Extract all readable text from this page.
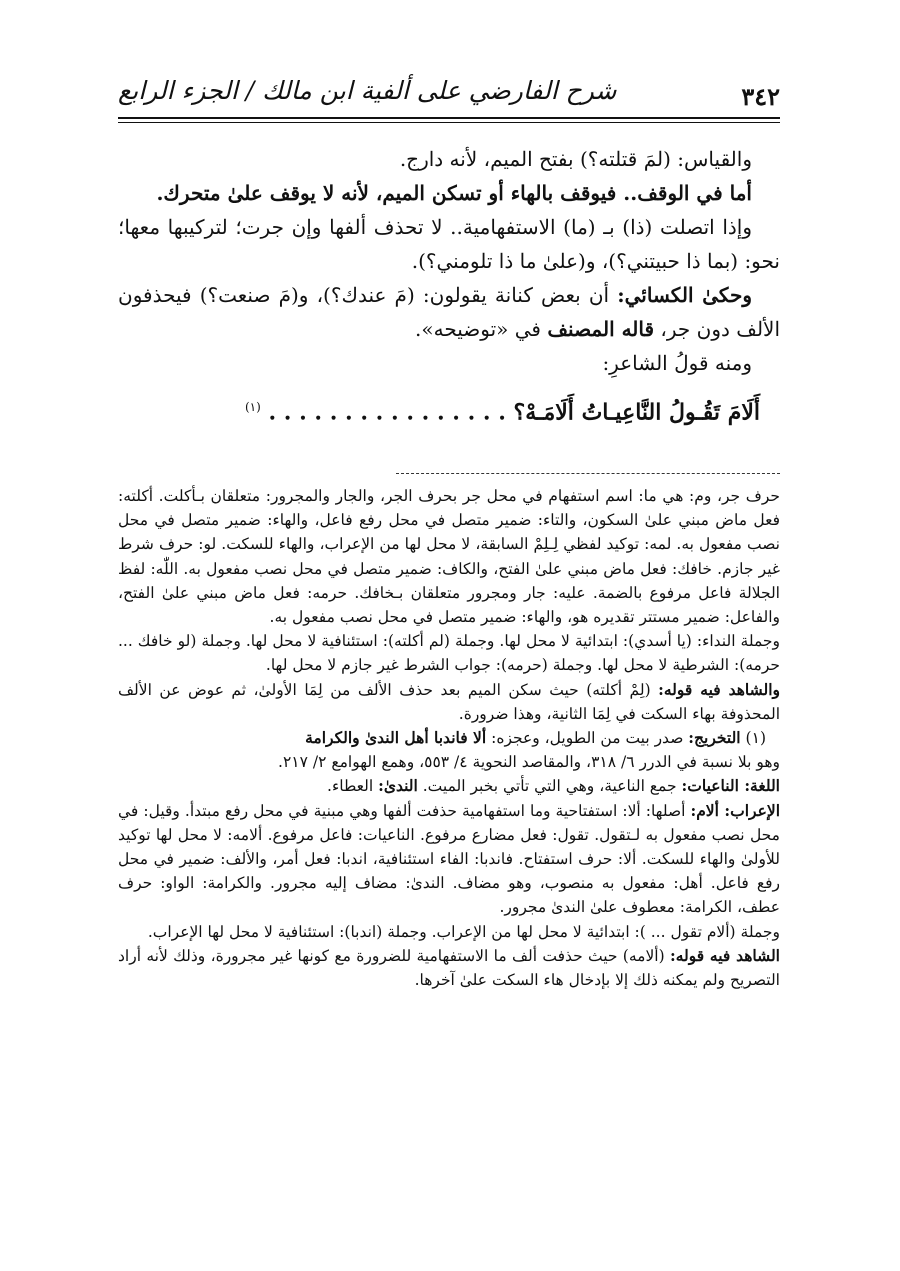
٣٤٢
شرح الفارضي على ألفية ابن مالك / الجزء الرابع

والقياس: (لمَ قتلته؟) بفتح الميم، لأنه دارج.

أما في الوقف.. فيوقف بالهاء أو تسكن الميم، لأنه لا يوقف علىٰ متحرك.

وإذا اتصلت (ذا) بـ (ما) الاستفهامية.. لا تحذف ألفها وإن جرت؛ لتركيبها معها؛ نحو: (بما ذا حبيتني؟)، و(علىٰ ما ذا تلومني؟).

وحكىٰ الكسائي: أن بعض كنانة يقولون: (مَ عندك؟)، و(مَ صنعت؟) فيحذفون الألف دون جر، قاله المصنف في «توضيحه».

ومنه قولُ الشاعرِ:

أَلَامَ تَقُـولُ النَّاعِيـاتُ أَلَامَـهْ؟ . . . . . . . . . . . . . . . . $^{(١)}$

حرف جر، وم: هي ما: اسم استفهام في محل جر بحرف الجر، والجار والمجرور: متعلقان بـأكلت. أكلته: فعل ماض مبني علىٰ السكون، والتاء: ضمير متصل في محل رفع فاعل، والهاء: ضمير متصل في محل نصب مفعول به. لمه: توكيد لفظي لِـلِمْ السابقة، لا محل لها من الإعراب، والهاء للسكت. لو: حرف شرط غير جازم. خافك: فعل ماض مبني علىٰ الفتح، والكاف: ضمير متصل في محل نصب مفعول به. اللّٰه: لفظ الجلالة فاعل مرفوع بالضمة. عليه: جار ومجرور متعلقان بـخافك. حرمه: فعل ماض مبني علىٰ الفتح، والفاعل: ضمير مستتر تقديره هو، والهاء: ضمير متصل في محل نصب مفعول به.

وجملة النداء: (يا أسدي): ابتدائية لا محل لها. وجملة (لم أكلته): استئنافية لا محل لها. وجملة (لو خافك ... حرمه): الشرطية لا محل لها. وجملة (حرمه): جواب الشرط غير جازم لا محل لها.

والشاهد فيه قوله: (لِمْ أكلته) حيث سكن الميم بعد حذف الألف من لِمَا الأولىٰ، ثم عوض عن الألف المحذوفة بهاء السكت في لِمَا الثانية، وهذا ضرورة.

(١) التخريج: صدر بيت من الطويل، وعجزه: ألا فاندبا أهل الندىٰ والكرامة

وهو بلا نسبة في الدرر ٦/ ٣١٨، والمقاصد النحوية ٤/ ٥٥٣، وهمع الهوامع ٢/ ٢١٧.

اللغة: الناعيات: جمع الناعية، وهي التي تأتي بخبر الميت. الندىٰ: العطاء.

الإعراب: ألام: أصلها: ألا: استفتاحية وما استفهامية حذفت ألفها وهي مبنية في محل رفع مبتدأ. وقيل: في محل نصب مفعول به لـتقول. تقول: فعل مضارع مرفوع. الناعيات: فاعل مرفوع. ألامه: لا محل لها توكيد للأولىٰ والهاء للسكت. ألا: حرف استفتاح. فاندبا: الفاء استئنافية، اندبا: فعل أمر، والألف: ضمير في محل رفع فاعل. أهل: مفعول به منصوب، وهو مضاف. الندىٰ: مضاف إليه مجرور. والكرامة: الواو: حرف عطف، الكرامة: معطوف علىٰ الندىٰ مجرور.

وجملة (ألام تقول ... ): ابتدائية لا محل لها من الإعراب. وجملة (اندبا): استئنافية لا محل لها الإعراب.

الشاهد فيه قوله: (ألامه) حيث حذفت ألف ما الاستفهامية للضرورة مع كونها غير مجرورة، وذلك لأنه أراد التصريح ولم يمكنه ذلك إلا بإدخال هاء السكت علىٰ آخرها.
